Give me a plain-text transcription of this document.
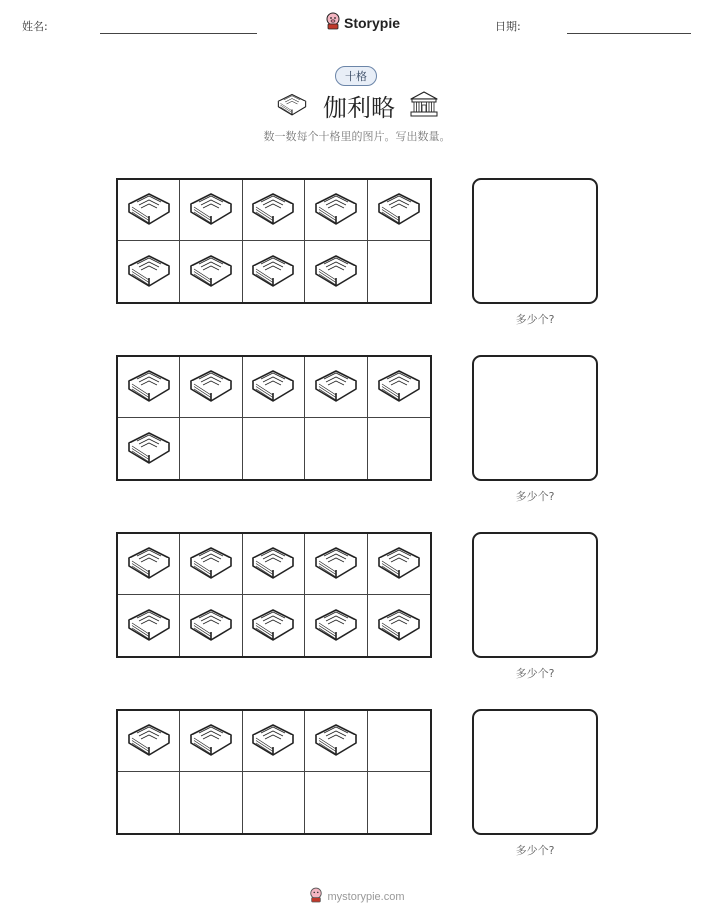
姓名:	Storypie	日期:
十格
伽利略
数一数每个十格里的图片。写出数量。
多少个?
多少个?
多少个?
多少个?
mystorypie.com
